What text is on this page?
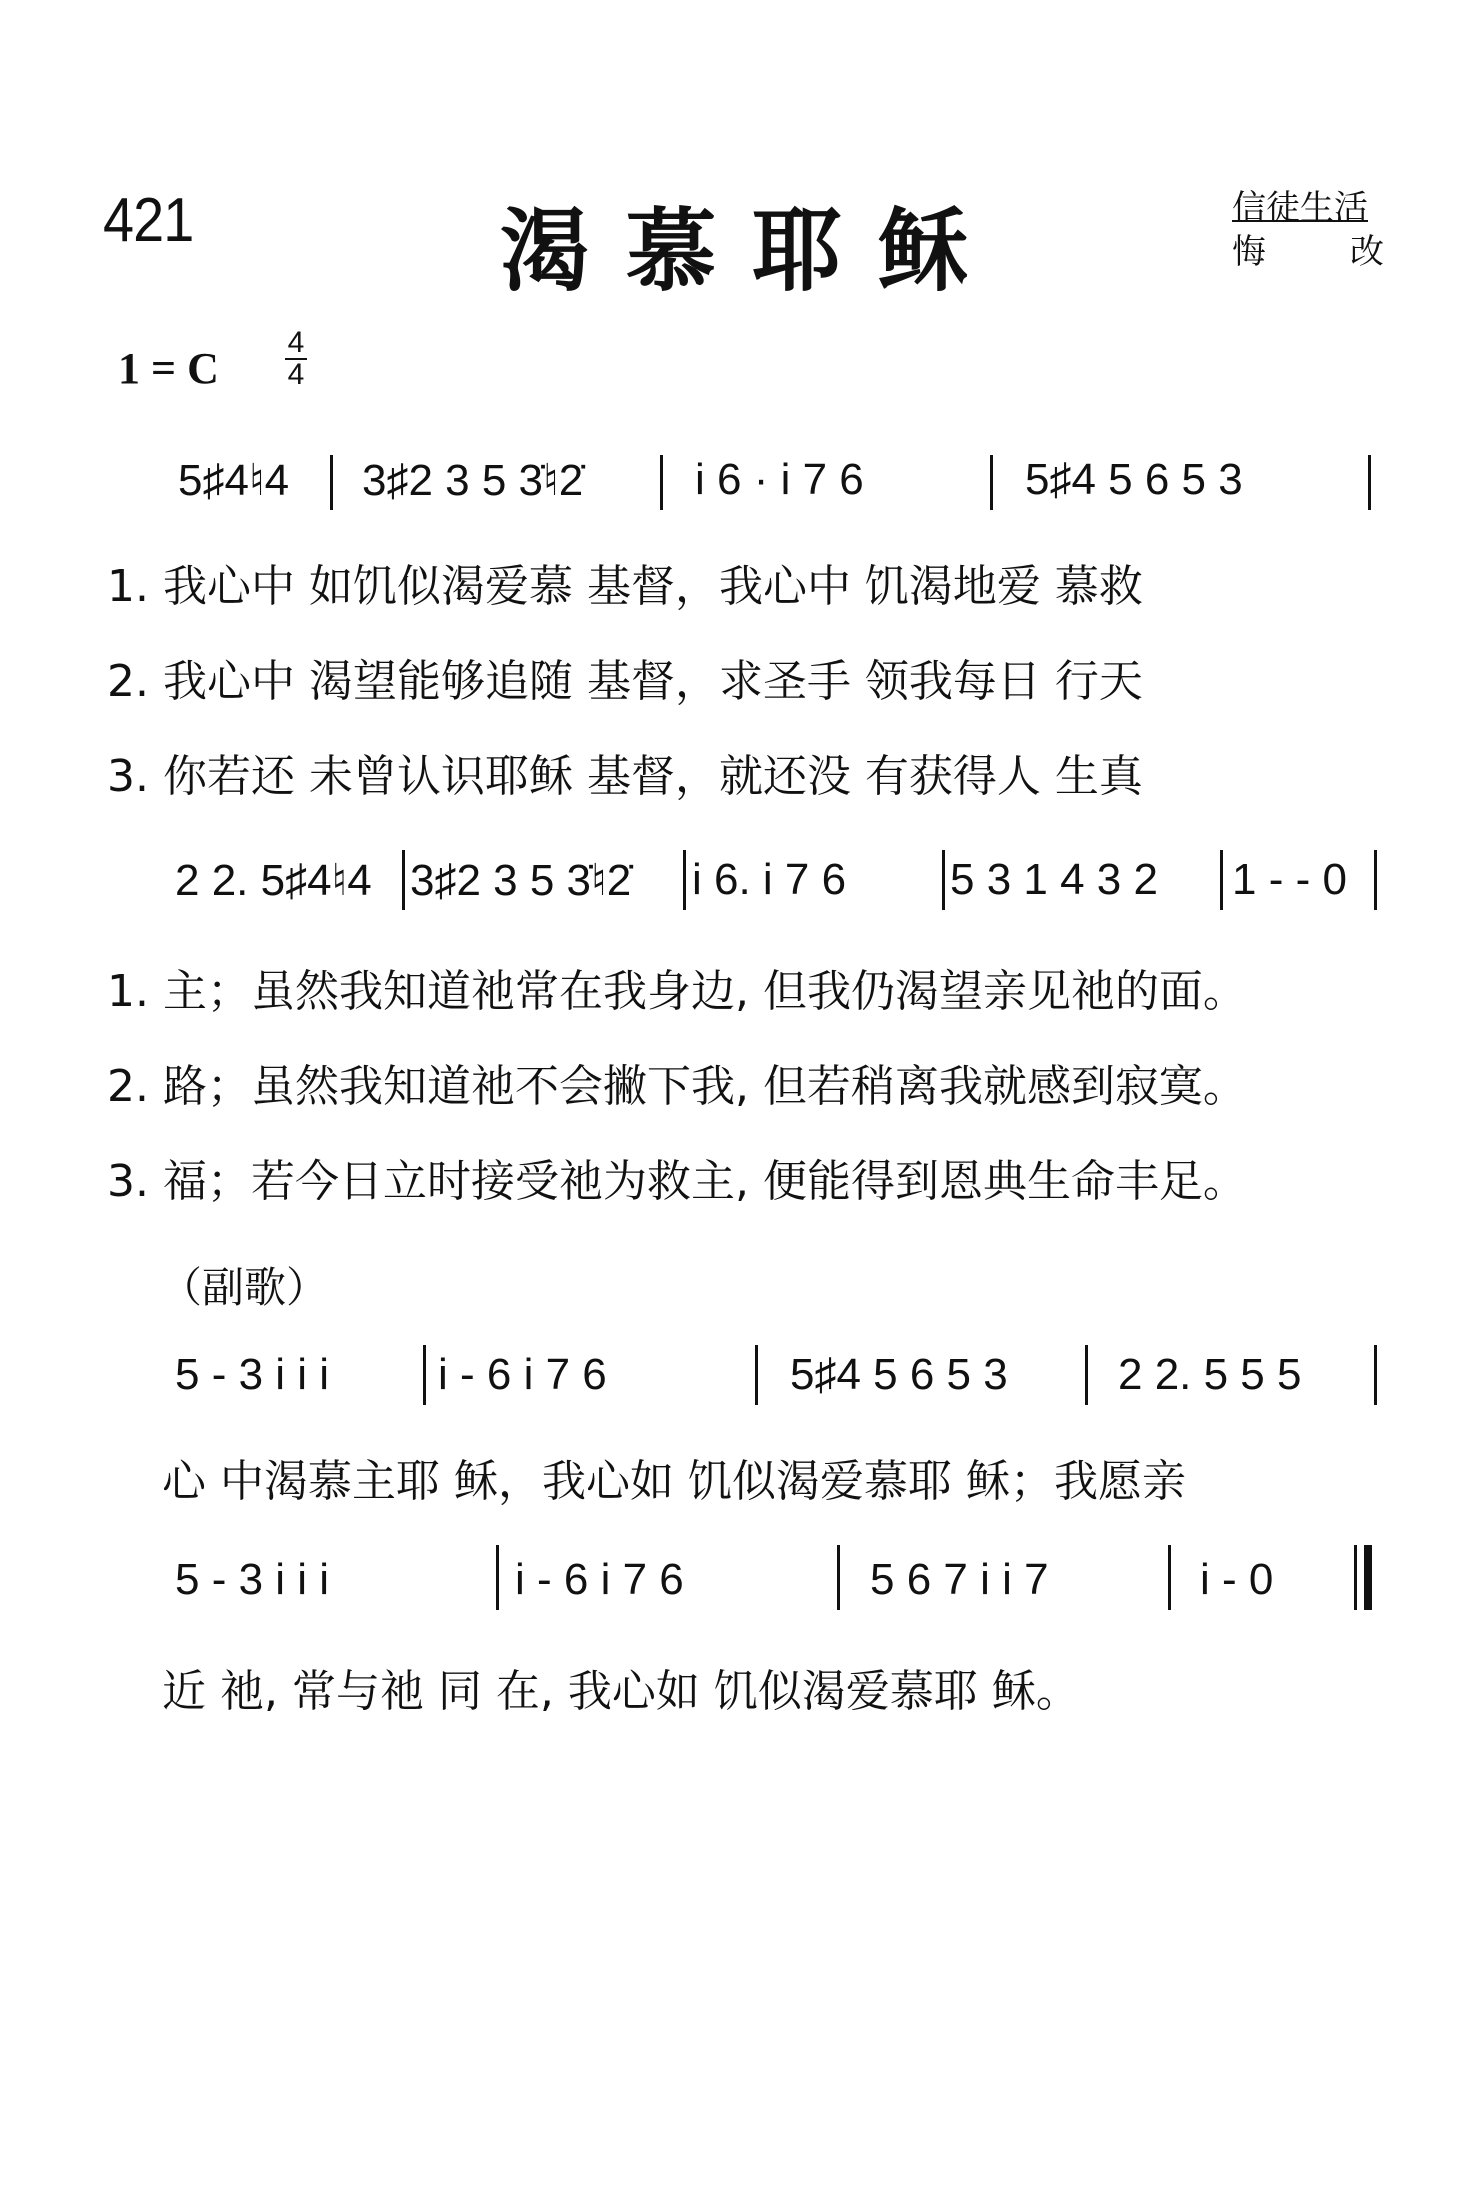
421	渴慕耶稣	信徒生活
悔 改
1 = C
4
4
5♯4♮4 3♯2 3 5 3̇♮2̇	i 6 · i 7 6	5♯4 5 6 5 3
1. 我心中 如饥似渴爱慕 基督，我心中 饥渴地爱 慕救
2. 我心中 渴望能够追随 基督，求圣手 领我每日 行天
3. 你若还 未曾认识耶稣 基督，就还没 有获得人 生真
2 2. 5♯4♮4 3♯2 3 5 3̇♮2̇ i 6. i 7 6 5 3 1 4 3 2 1 - - 0
1. 主；虽然我知道祂常在我身边, 但我仍渴望亲见祂的面。
2. 路；虽然我知道祂不会撇下我, 但若稍离我就感到寂寞。
3. 福；若今日立时接受祂为救主, 便能得到恩典生命丰足。
（副歌）
5 - 3 i i i i - 6 i 7 6	5♯4 5 6 5 3	2 2. 5 5 5
心 中渴慕主耶 稣，我心如 饥似渴爱慕耶 稣；我愿亲
5 - 3 i i i	i - 6 i 7 6	5 6 7 i i 7	i - 0
近 祂, 常与祂 同 在, 我心如 饥似渴爱慕耶 稣。
